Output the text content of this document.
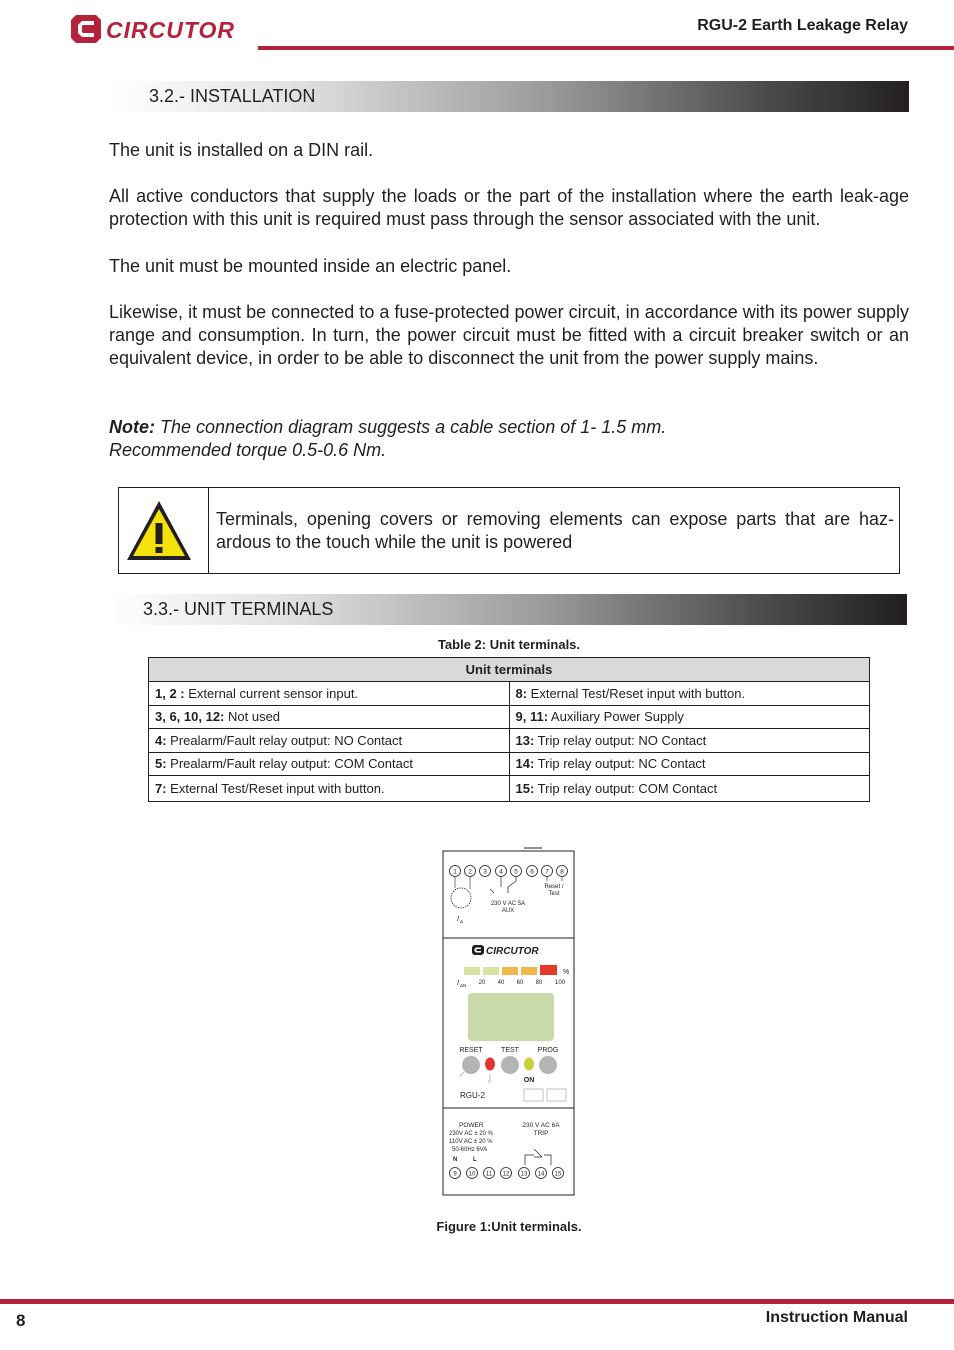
CIRCUTOR	RGU-2 Earth Leakage Relay
3.2.- INSTALLATION

The unit is installed on a DIN rail.

All active conductors that supply the loads or the part of the installation where the earth leak-age protection with this unit is required must pass through the sensor associated with the unit.

The unit must be mounted inside an electric panel.

Likewise, it must be connected to a fuse-protected power circuit, in accordance with its power supply range and consumption. In turn, the power circuit must be fitted with a circuit breaker switch or an equivalent device, in order to be able to disconnect the unit from the power supply mains.

Note: The connection diagram suggests a cable section of 1- 1.5 mm.
Recommended torque 0.5-0.6 Nm.

Terminals, opening covers or removing elements can expose parts that are haz-ardous to the touch while the unit is powered

3.3.- UNIT TERMINALS
Table 2: Unit terminals.
Unit terminals	
1, 2 : External current sensor input.	8: External Test/Reset input with button.
3, 6, 10, 12: Not used	9, 11: Auxiliary Power Supply
4: Prealarm/Fault relay output: NO Contact	13: Trip relay output: NO Contact
5: Prealarm/Fault relay output: COM Contact	14: Trip relay output: NC Contact
7: External Test/Reset input with button.	15: Trip relay output: COM Contact
1 2 3 4 5 6 7 8
I Δ
230 V AC 5A
AUX
Reset /
Test
CIRCUTOR
%
I ΔN 20 40 60 80 100
RESET	TEST	PROG
ON
RGU-2
POWER
230V AC ± 20 %
110V AC ± 20 %
50-60Hz 6VA
N	L
230 V AC 6A
TRIP
9 10 11 12 13 14 15
Figure 1:Unit terminals.
8	Instruction Manual
